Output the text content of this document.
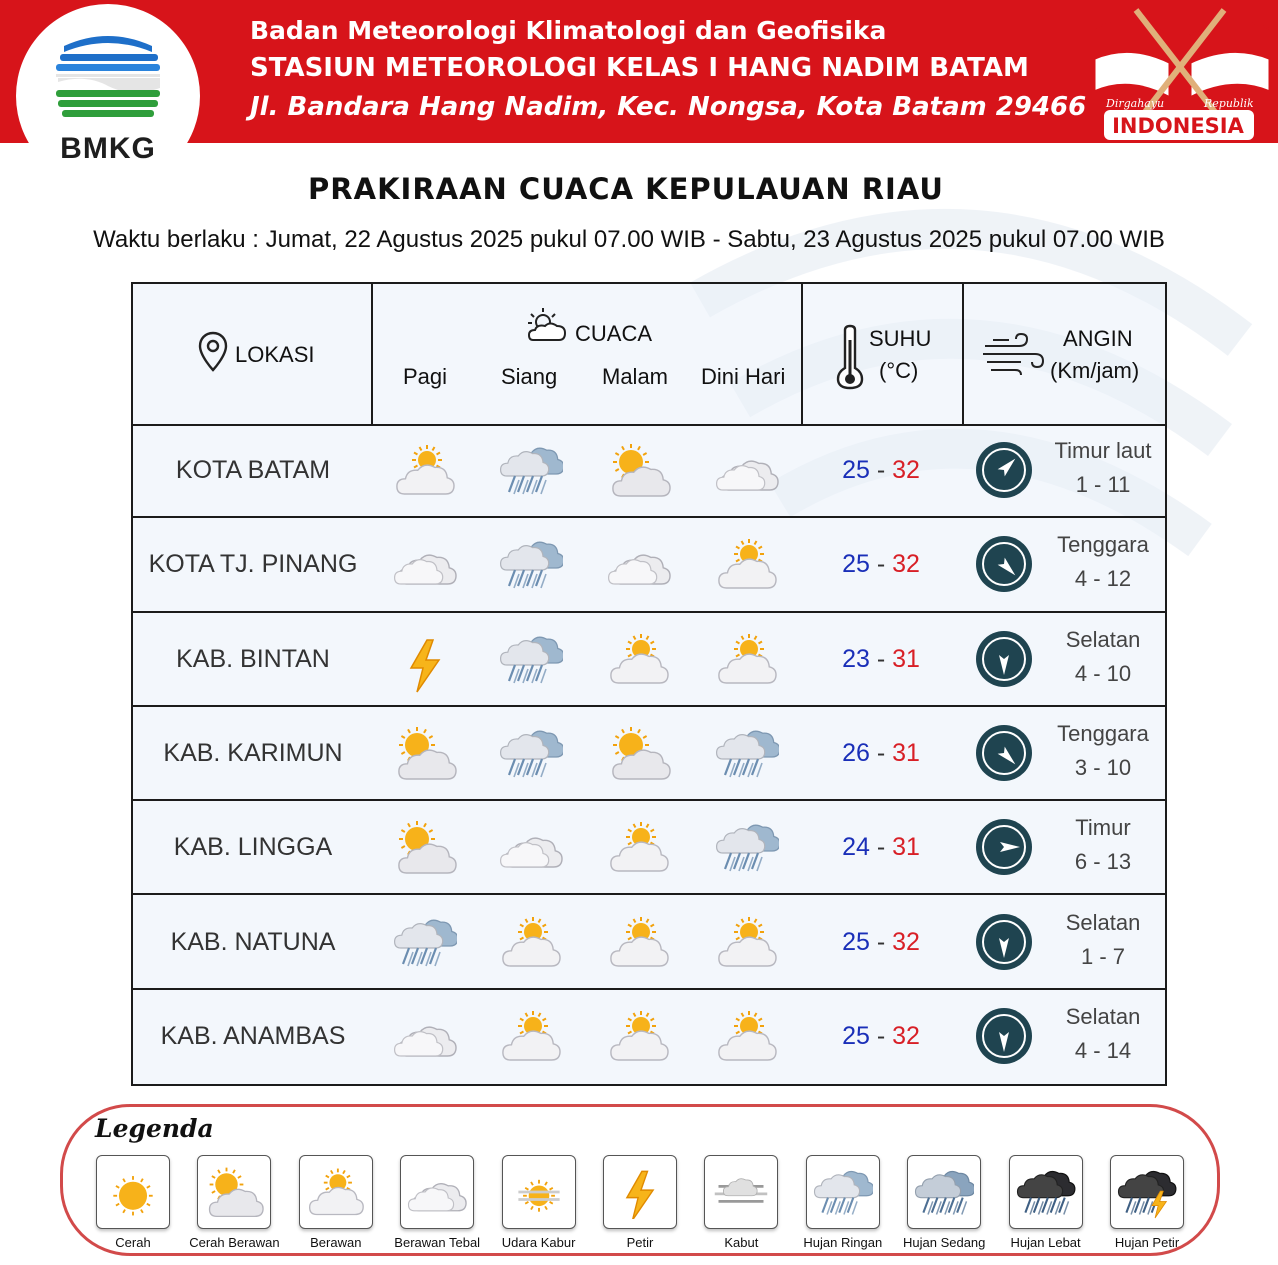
BMKG
Badan Meteorologi Klimatologi dan Geofisika
STASIUN METEOROLOGI KELAS I HANG NADIM BATAM
Jl. Bandara Hang Nadim, Kec. Nongsa, Kota Batam 29466 Dirgahayu	Republik
INDONESIA
PRAKIRAAN CUACA KEPULAUAN RIAU
Waktu berlaku : Jumat, 22 Agustus 2025 pukul 07.00 WIB - Sabtu, 23 Agustus 2025 pukul 07.00 WIB
LOKASI
CUACA
Pagi Siang Malam Dini Hari
SUHU
(°C)
ANGIN
(Km/jam)
KOTA BATAM	25 - 32
Timur laut
1 - 11
KOTA TJ. PINANG	25 - 32
Tenggara
4 - 12
KAB. BINTAN	23 - 31
Selatan
4 - 10
KAB. KARIMUN	26 - 31
Tenggara
3 - 10
KAB. LINGGA	24 - 31
Timur
6 - 13
KAB. NATUNA	25 - 32
Selatan
1 - 7
KAB. ANAMBAS	25 - 32
Selatan
4 - 14
Legenda
Cerah	Cerah Berawan	Berawan	Berawan Tebal	Udara Kabur	Petir	Kabut	Hujan Ringan	Hujan Sedang	Hujan Lebat	Hujan Petir
